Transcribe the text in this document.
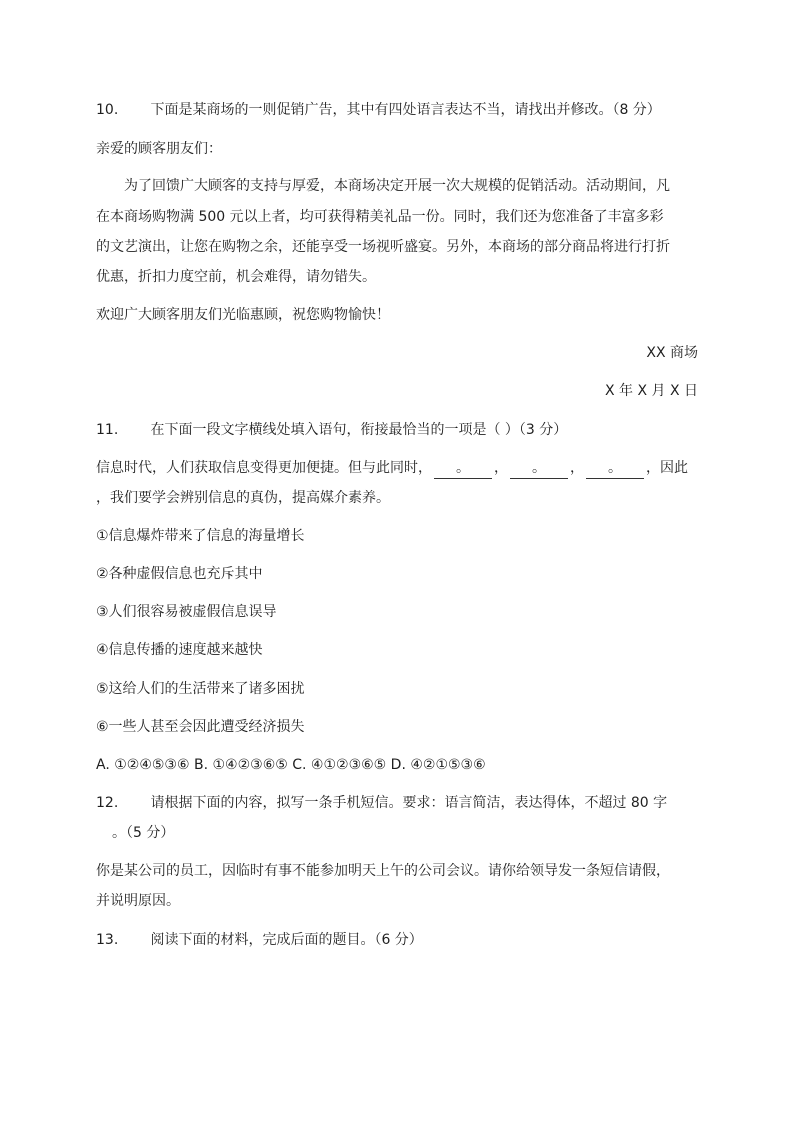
10. 下面是某商场的一则促销广告，其中有四处语言表达不当，请找出并修改。（8 分）
亲爱的顾客朋友们：
为了回馈广大顾客的支持与厚爱，本商场决定开展一次大规模的促销活动。活动期间，凡
在本商场购物满 500 元以上者，均可获得精美礼品一份。同时，我们还为您准备了丰富多彩
的文艺演出，让您在购物之余，还能享受一场视听盛宴。另外，本商场的部分商品将进行打折
优惠，折扣力度空前，机会难得，请勿错失。
欢迎广大顾客朋友们光临惠顾，祝您购物愉快！
XX 商场
X 年 X 月 X 日
11. 在下面一段文字横线处填入语句，衔接最恰当的一项是（ ）（3 分）
信息时代，人们获取信息变得更加便捷。但与此同时， 。 ， 。 ， 。 ，因此
，我们要学会辨别信息的真伪，提高媒介素养。
①信息爆炸带来了信息的海量增长
②各种虚假信息也充斥其中
③人们很容易被虚假信息误导
④信息传播的速度越来越快
⑤这给人们的生活带来了诸多困扰
⑥一些人甚至会因此遭受经济损失
A. ①②④⑤③⑥ B. ①④②③⑥⑤ C. ④①②③⑥⑤ D. ④②①⑤③⑥
12. 请根据下面的内容，拟写一条手机短信。要求：语言简洁，表达得体，不超过 80 字
。（5 分）
你是某公司的员工，因临时有事不能参加明天上午的公司会议。请你给领导发一条短信请假，
并说明原因。
13. 阅读下面的材料，完成后面的题目。（6 分）
